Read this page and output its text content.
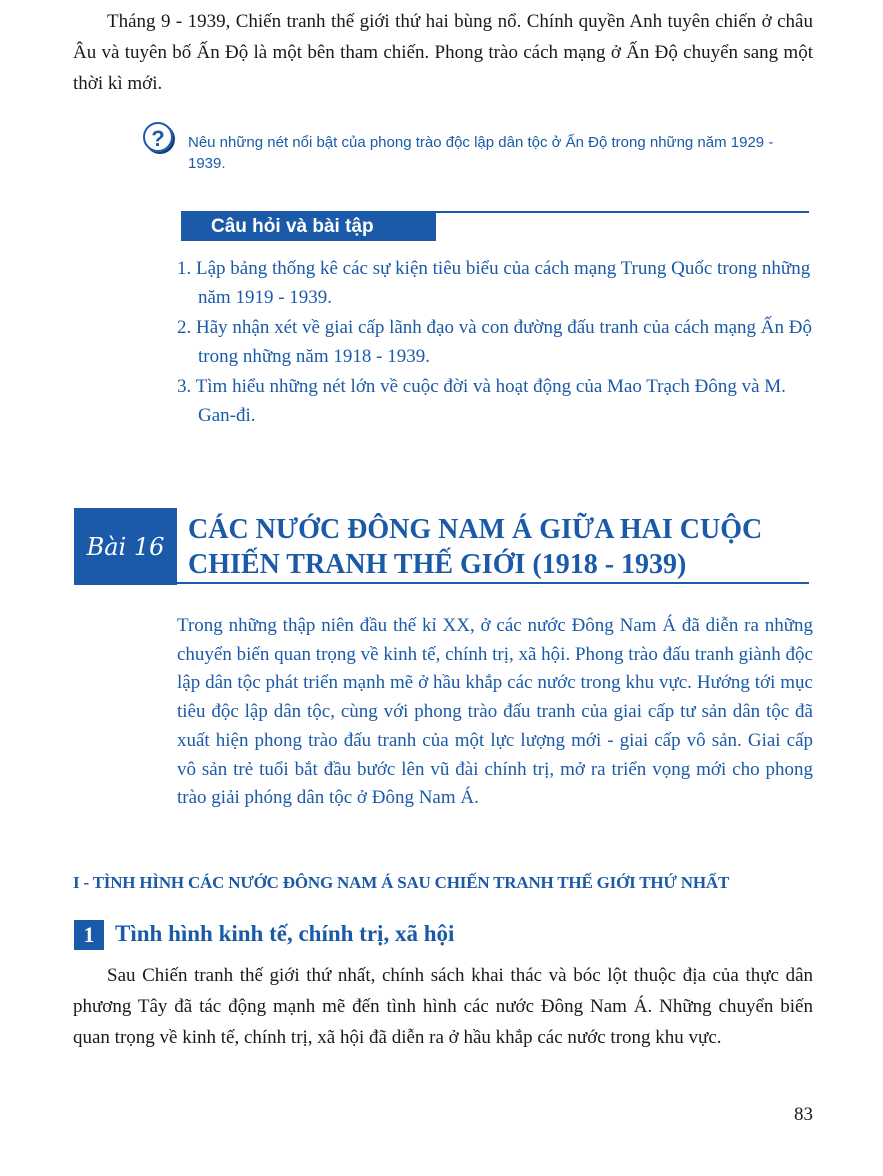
Tháng 9 - 1939, Chiến tranh thế giới thứ hai bùng nổ. Chính quyền Anh tuyên chiến ở châu Âu và tuyên bố Ấn Độ là một bên tham chiến. Phong trào cách mạng ở Ấn Độ chuyển sang một thời kì mới.

?	Nêu những nét nổi bật của phong trào độc lập dân tộc ở Ấn Độ trong những năm 1929 - 1939.
Câu hỏi và bài tập
1. Lập bảng thống kê các sự kiện tiêu biểu của cách mạng Trung Quốc trong những năm 1919 - 1939.
2. Hãy nhận xét về giai cấp lãnh đạo và con đường đấu tranh của cách mạng Ấn Độ trong những năm 1918 - 1939.
3. Tìm hiểu những nét lớn về cuộc đời và hoạt động của Mao Trạch Đông và M. Gan-đi.
Bài 16
CÁC NƯỚC ĐÔNG NAM Á GIỮA HAI CUỘC CHIẾN TRANH THẾ GIỚI (1918 - 1939)

Trong những thập niên đầu thế kỉ XX, ở các nước Đông Nam Á đã diễn ra những chuyển biến quan trọng về kinh tế, chính trị, xã hội. Phong trào đấu tranh giành độc lập dân tộc phát triển mạnh mẽ ở hầu khắp các nước trong khu vực. Hướng tới mục tiêu độc lập dân tộc, cùng với phong trào đấu tranh của giai cấp tư sản dân tộc đã xuất hiện phong trào đấu tranh của một lực lượng mới - giai cấp vô sản. Giai cấp vô sản trẻ tuổi bắt đầu bước lên vũ đài chính trị, mở ra triển vọng mới cho phong trào giải phóng dân tộc ở Đông Nam Á.

I - TÌNH HÌNH CÁC NƯỚC ĐÔNG NAM Á SAU CHIẾN TRANH THẾ GIỚI THỨ NHẤT
1 Tình hình kinh tế, chính trị, xã hội

Sau Chiến tranh thế giới thứ nhất, chính sách khai thác và bóc lột thuộc địa của thực dân phương Tây đã tác động mạnh mẽ đến tình hình các nước Đông Nam Á. Những chuyển biến quan trọng về kinh tế, chính trị, xã hội đã diễn ra ở hầu khắp các nước trong khu vực.

83
